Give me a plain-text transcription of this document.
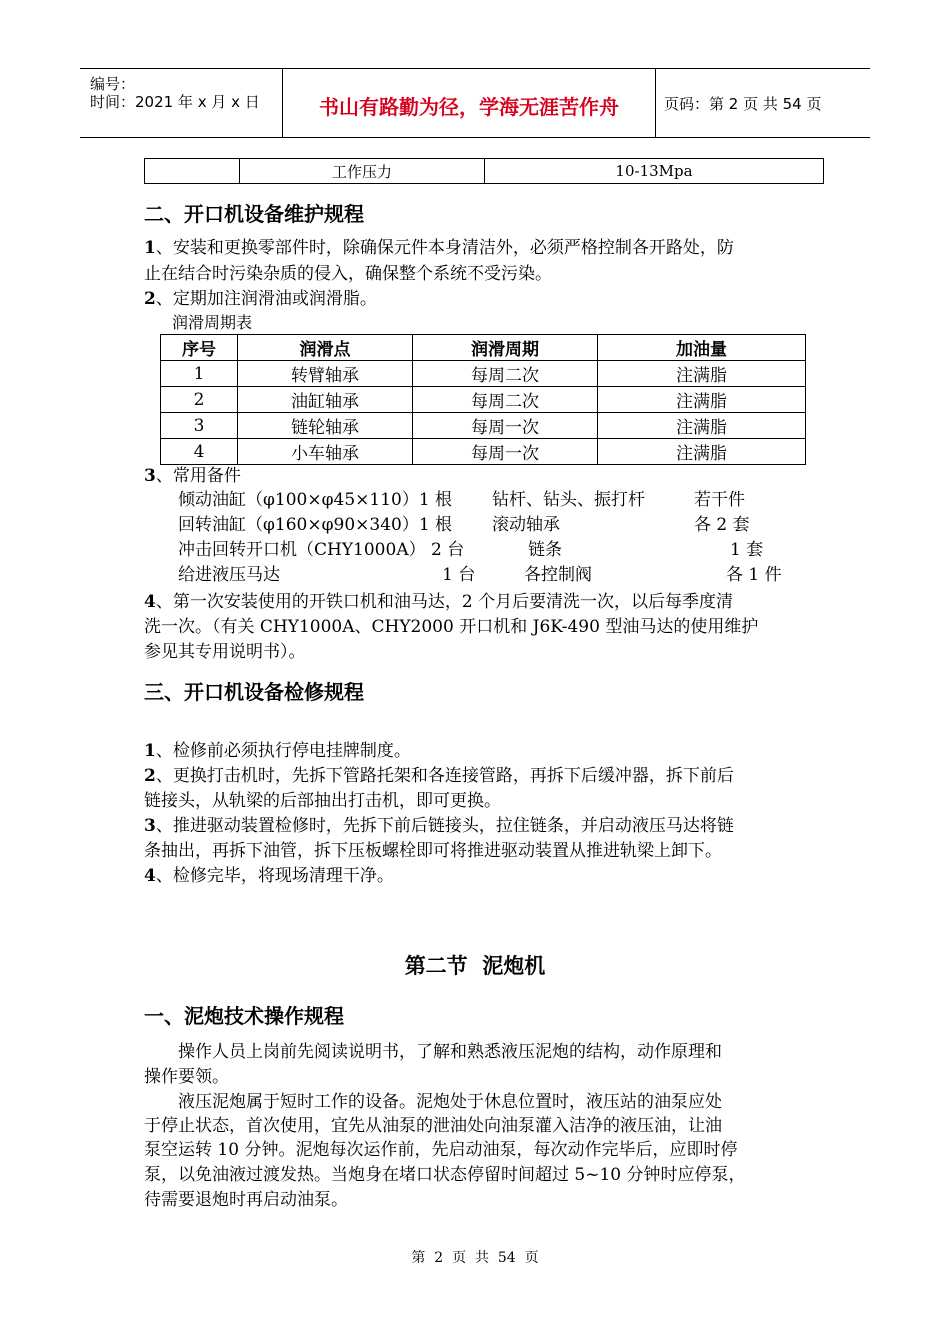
编号：
时间：2021 年 x 月 x 日	书山有路勤为径，学海无涯苦作舟	页码：第 2 页 共 54 页
	工作压力	10-13Mpa
二、开口机设备维护规程
1、安装和更换零部件时，除确保元件本身清洁外，必须严格控制各开路处，防
止在结合时污染杂质的侵入，确保整个系统不受污染。
2、定期加注润滑油或润滑脂。
润滑周期表
序号	润滑点	润滑周期	加油量
1	转臂轴承	每周二次	注满脂
2	油缸轴承	每周二次	注满脂
3	链轮轴承	每周一次	注满脂
4	小车轴承	每周一次	注满脂
3、常用备件
倾动油缸（φ100×φ45×110）1 根 钻杆、钻头、振打杆	若干件
回转油缸（φ160×φ90×340）1 根 滚动轴承	各 2 套
冲击回转开口机（CHY1000A） 2 台	链条	1 套
给进液压马达                              1 台	各控制阀	各 1 件
4、第一次安装使用的开铁口机和油马达，2 个月后要清洗一次，以后每季度清
洗一次。（有关 CHY1000A、CHY2000 开口机和 J6K-490 型油马达的使用维护
参见其专用说明书）。
三、开口机设备检修规程
1、检修前必须执行停电挂牌制度。
2、更换打击机时，先拆下管路托架和各连接管路，再拆下后缓冲器，拆下前后
链接头，从轨梁的后部抽出打击机，即可更换。
3、推进驱动装置检修时，先拆下前后链接头，拉住链条，并启动液压马达将链
条抽出，再拆下油管，拆下压板螺栓即可将推进驱动装置从推进轨梁上卸下。
4、检修完毕，将现场清理干净。
第二节  泥炮机
一、泥炮技术操作规程
操作人员上岗前先阅读说明书，了解和熟悉液压泥炮的结构，动作原理和
操作要领。
液压泥炮属于短时工作的设备。泥炮处于休息位置时，液压站的油泵应处
于停止状态，首次使用，宜先从油泵的泄油处向油泵灌入洁净的液压油，让油
泵空运转 10 分钟。泥炮每次运作前，先启动油泵，每次动作完毕后，应即时停
泵，以免油液过渡发热。当炮身在堵口状态停留时间超过 5~10 分钟时应停泵，
待需要退炮时再启动油泵。
第  2  页  共  54  页
